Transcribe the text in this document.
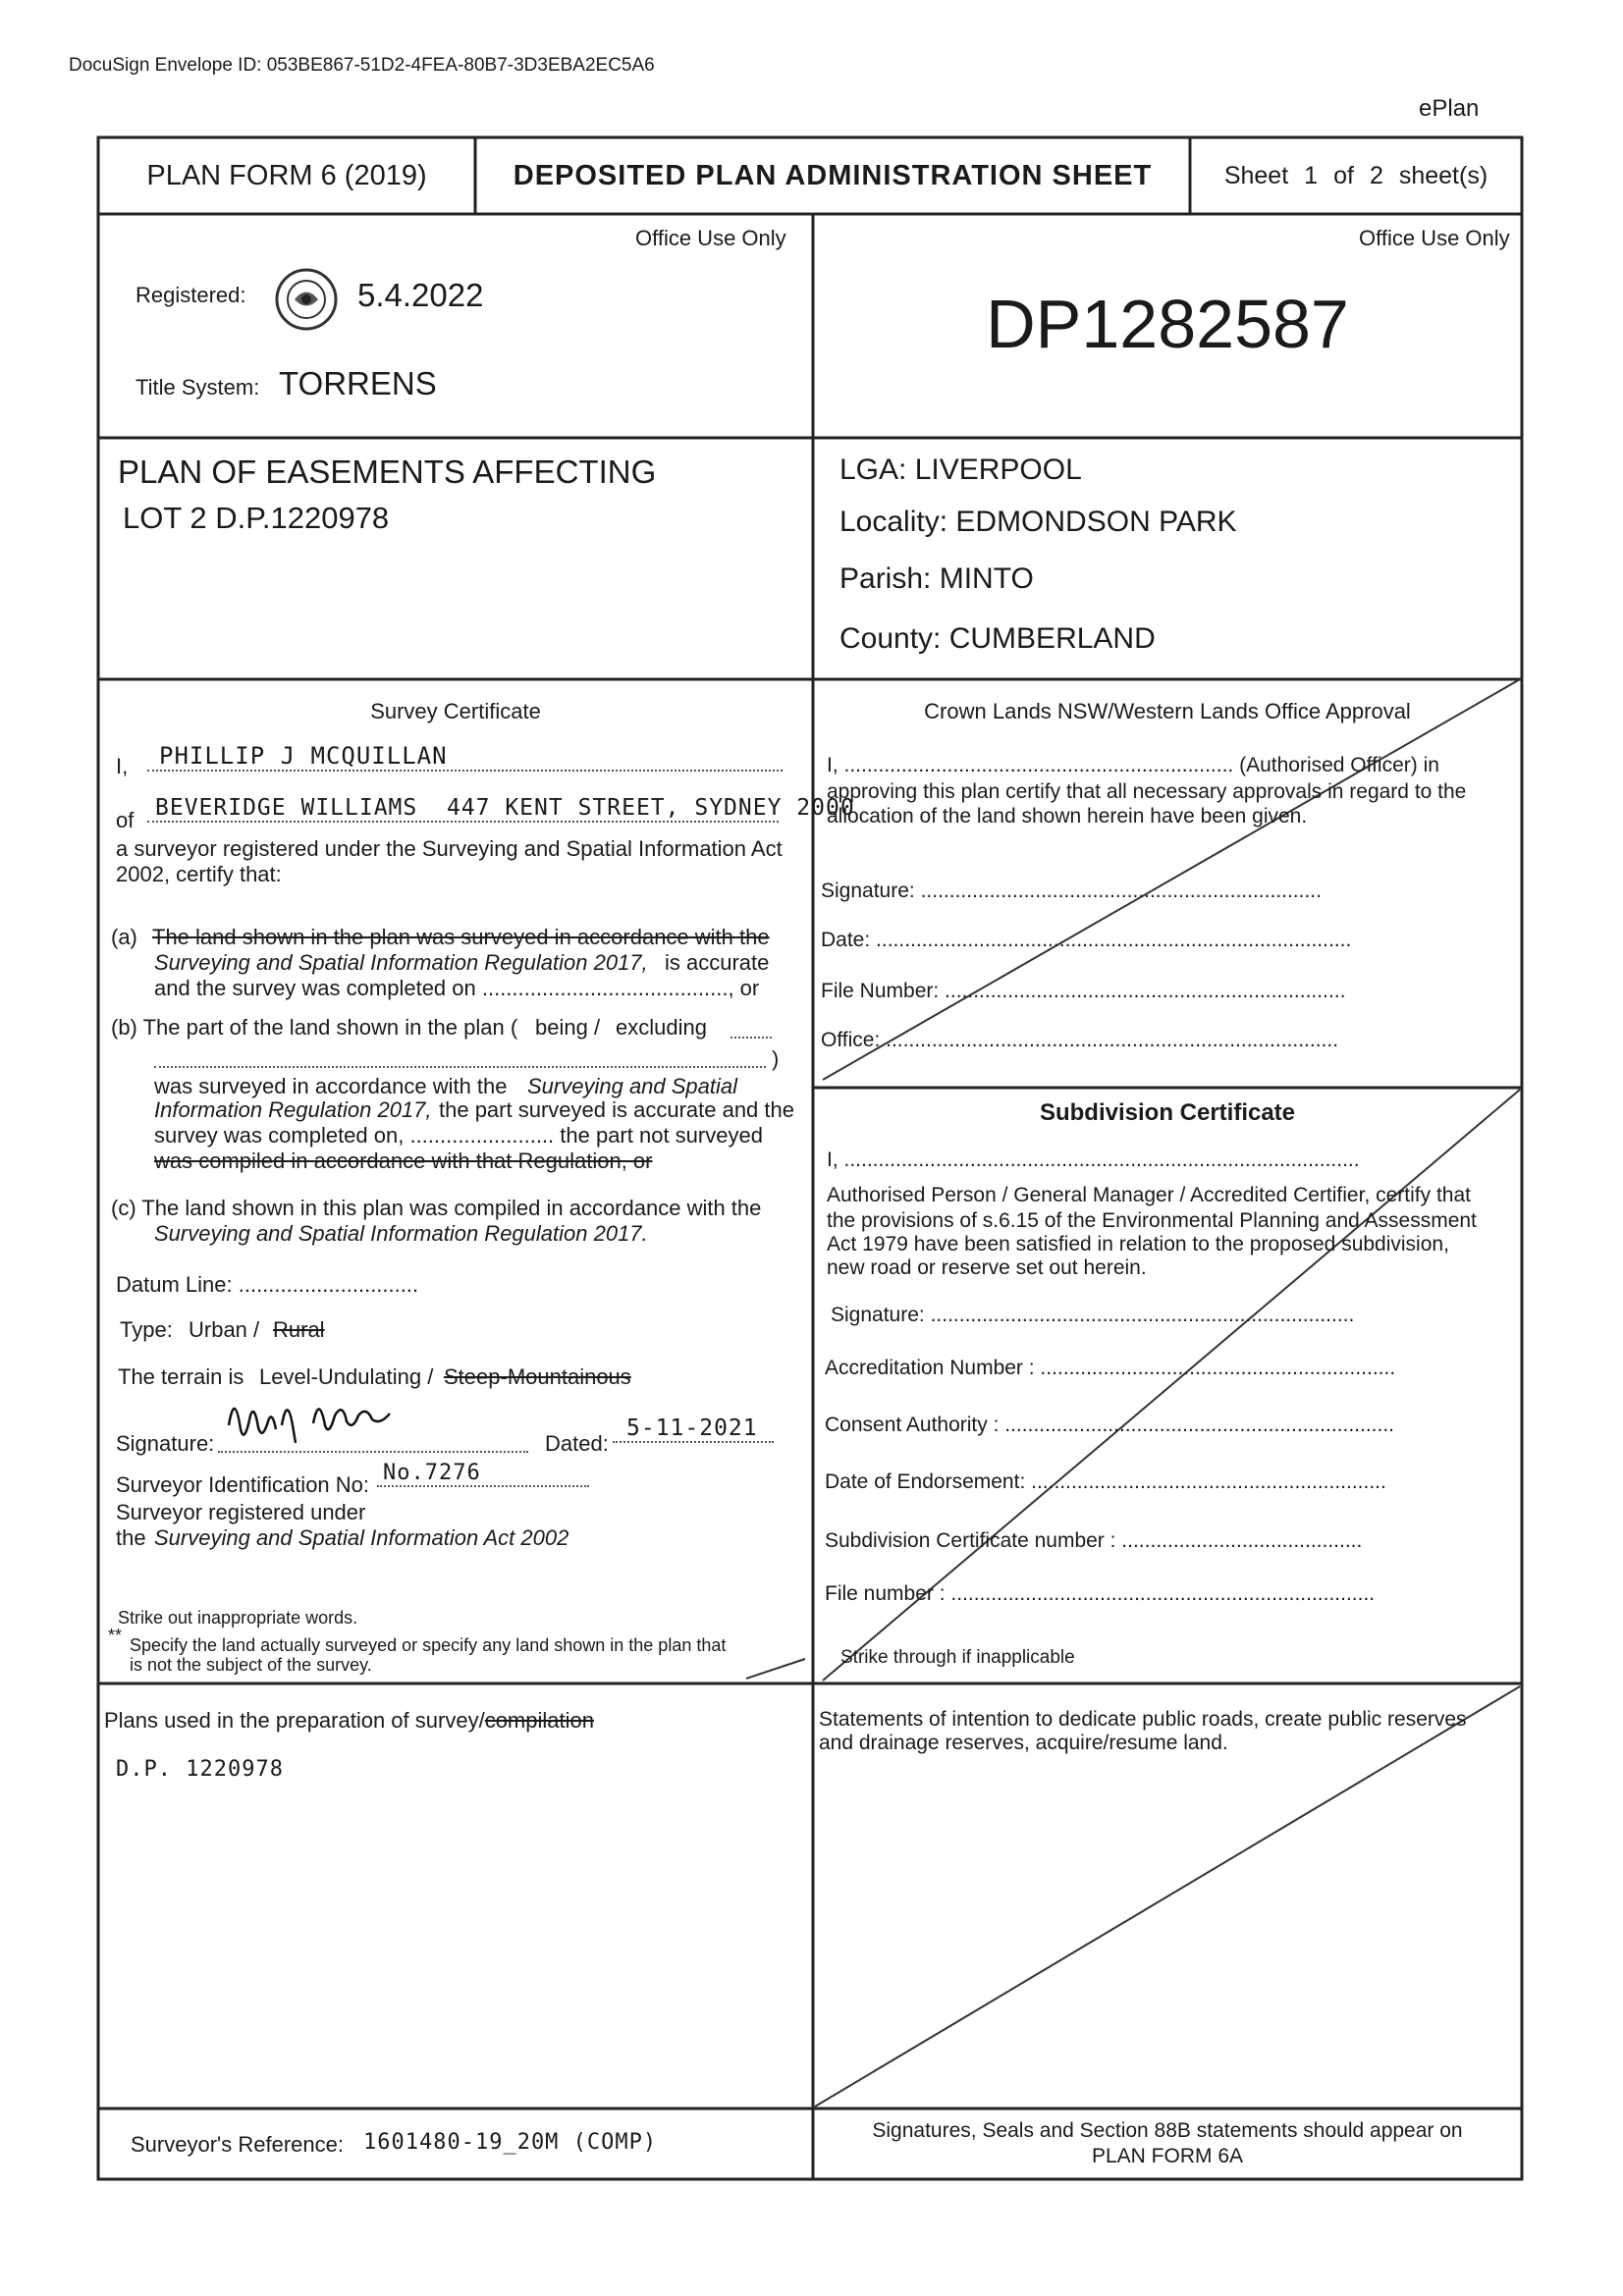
DocuSign Envelope ID: 053BE867-51D2-4FEA-80B7-3D3EBA2EC5A6
ePlan
PLAN FORM 6 (2019)	DEPOSITED PLAN ADMINISTRATION SHEET	Sheet 1 of 2 sheet(s)
Office Use Only
Registered:	5.4.2022
Title System: TORRENS
Office Use Only
DP1282587
PLAN OF EASEMENTS AFFECTING
LOT 2 D.P.1220978
LGA: LIVERPOOL
Locality: EDMONDSON PARK
Parish: MINTO
County: CUMBERLAND
Survey Certificate
I,	PHILLIP J MCQUILLAN
of BEVERIDGE WILLIAMS  447 KENT STREET, SYDNEY 2000
a surveyor registered under the Surveying and Spatial Information Act
2002, certify that:
(a) The land shown in the plan was surveyed in accordance with the
Surveying and Spatial Information Regulation 2017, is accurate
and the survey was completed on ........................................., or
(b) The part of the land shown in the plan ( being / excluding
)
was surveyed in accordance with the Surveying and Spatial
Information Regulation 2017, the part surveyed is accurate and the
survey was completed on, ........................ the part not surveyed
was compiled in accordance with that Regulation, or
(c) The land shown in this plan was compiled in accordance with the
Surveying and Spatial Information Regulation 2017.
Datum Line: ..............................
Type: Urban / Rural
The terrain is Level-Undulating / Steep-Mountainous
Signature:	Dated:
5-11-2021
Surveyor Identification No: No.7276
Surveyor registered under
the Surveying and Spatial Information Act 2002
Strike out inappropriate words.
** Specify the land actually surveyed or specify any land shown in the plan that
is not the subject of the survey.
Crown Lands NSW/Western Lands Office Approval
I, .................................................................... (Authorised Officer) in
approving this plan certify that all necessary approvals in regard to the
allocation of the land shown herein have been given.
Signature: ......................................................................
Date: ...................................................................................
File Number: ......................................................................
Office: ...............................................................................
Subdivision Certificate
I, ..........................................................................................
Authorised Person / General Manager / Accredited Certifier, certify that
the provisions of s.6.15 of the Environmental Planning and Assessment
Act 1979 have been satisfied in relation to the proposed subdivision,
new road or reserve set out herein.
Signature: ..........................................................................
Accreditation Number : ..............................................................
Consent Authority : ....................................................................
Date of Endorsement: ..............................................................
Subdivision Certificate number : ..........................................
File number : ..........................................................................
Strike through if inapplicable
Plans used in the preparation of survey/compilation
D.P. 1220978
Statements of intention to dedicate public roads, create public reserves
and drainage reserves, acquire/resume land.
Surveyor's Reference: 1601480-19_20M (COMP)	Signatures, Seals and Section 88B statements should appear on
PLAN FORM 6A
